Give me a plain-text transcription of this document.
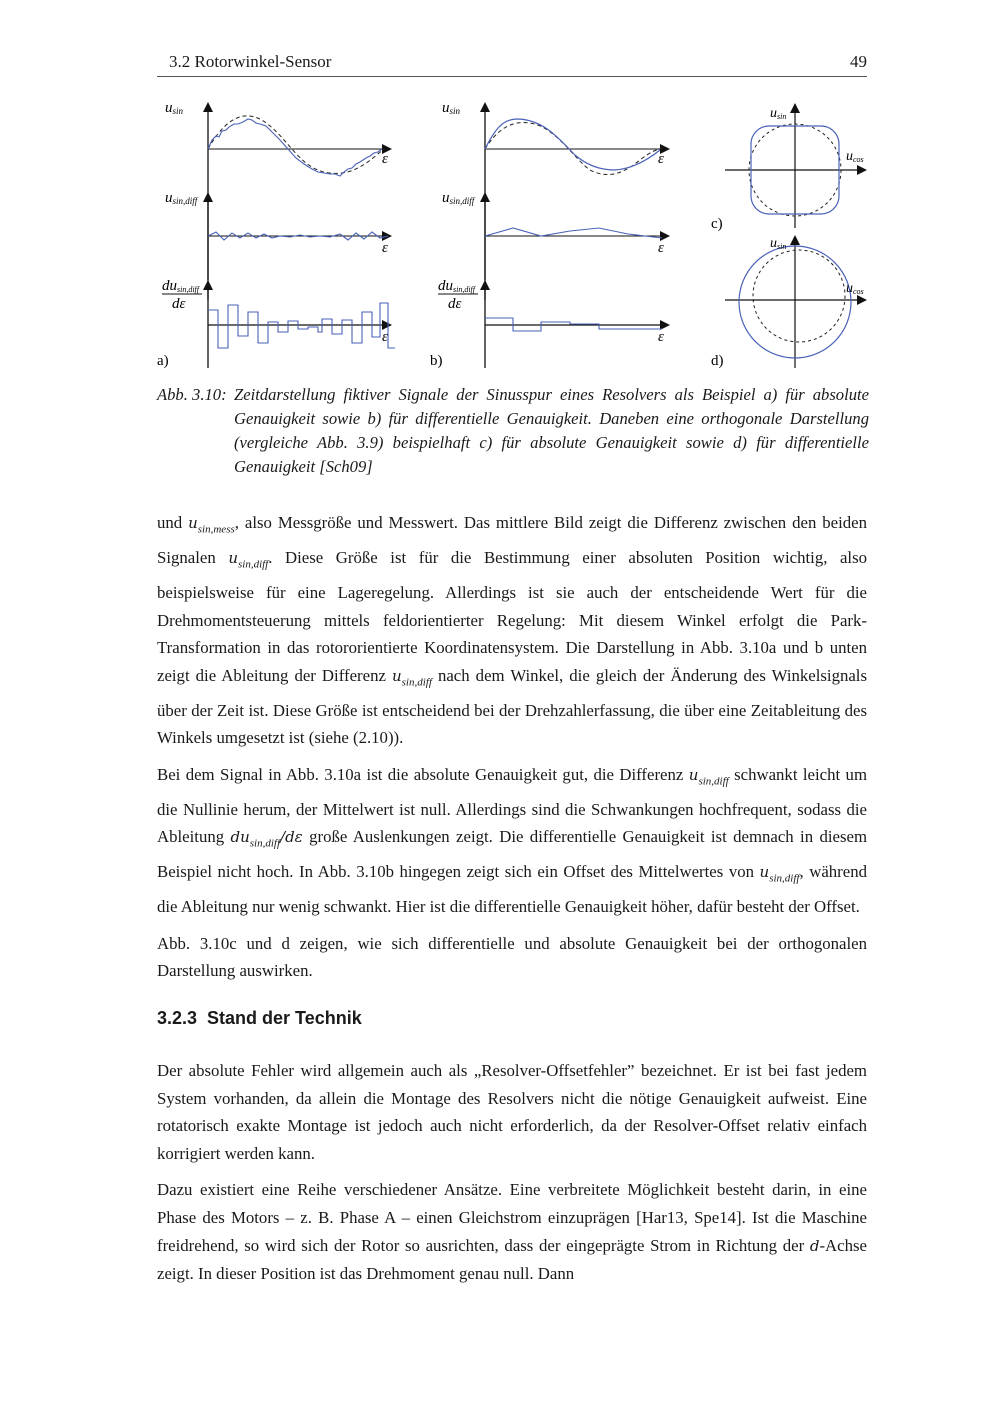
3.2 Rotorwinkel-Sensor	49
usin
usin,diff
dusin,diff
dε
ε
ε
ε
a)
usin
usin,diff
dusin,diff
dε
ε
ε
ε
b)
usin
ucos
c)
usin
ucos
d)
Abb. 3.10: Zeitdarstellung fiktiver Signale der Sinusspur eines Resolvers als Beispiel a) für absolute Genauigkeit sowie b) für differentielle Genauigkeit. Daneben eine orthogonale Darstellung (vergleiche Abb. 3.9) beispielhaft c) für absolute Genauigkeit sowie d) für differentielle Genauigkeit [Sch09]

und $u_{sin,mess}$, also Messgröße und Messwert. Das mittlere Bild zeigt die Differenz zwischen den beiden Signalen $u_{sin,diff}$. Diese Größe ist für die Bestimmung einer absoluten Position wichtig, also beispielsweise für eine Lageregelung. Allerdings ist sie auch der entscheidende Wert für die Drehmomentsteuerung mittels feldorientierter Regelung: Mit diesem Winkel erfolgt die Park-Transformation in das rotororientierte Koordinatensystem. Die Darstellung in Abb. 3.10a und b unten zeigt die Ableitung der Differenz $u_{sin,diff}$ nach dem Winkel, die gleich der Änderung des Winkelsignals über der Zeit ist. Diese Größe ist entscheidend bei der Drehzahlerfassung, die über eine Zeitableitung des Winkels umgesetzt ist (siehe (2.10)).

Bei dem Signal in Abb. 3.10a ist die absolute Genauigkeit gut, die Differenz $u_{sin,diff}$ schwankt leicht um die Nullinie herum, der Mittelwert ist null. Allerdings sind die Schwankungen hochfrequent, sodass die Ableitung $du_{sin,diff}/d\varepsilon$ große Auslenkungen zeigt. Die differentielle Genauigkeit ist demnach in diesem Beispiel nicht hoch. In Abb. 3.10b hingegen zeigt sich ein Offset des Mittelwertes von $u_{sin,diff}$, während die Ableitung nur wenig schwankt. Hier ist die differentielle Genauigkeit höher, dafür besteht der Offset.

Abb. 3.10c und d zeigen, wie sich differentielle und absolute Genauigkeit bei der orthogonalen Darstellung auswirken.

3.2.3 Stand der Technik

Der absolute Fehler wird allgemein auch als „Resolver-Offsetfehler” bezeichnet. Er ist bei fast jedem System vorhanden, da allein die Montage des Resolvers nicht die nötige Genauigkeit aufweist. Eine rotatorisch exakte Montage ist jedoch auch nicht erforderlich, da der Resolver-Offset relativ einfach korrigiert werden kann.

Dazu existiert eine Reihe verschiedener Ansätze. Eine verbreitete Möglichkeit besteht darin, in eine Phase des Motors – z. B. Phase A – einen Gleichstrom einzuprägen [Har13, Spe14]. Ist die Maschine freidrehend, so wird sich der Rotor so ausrichten, dass der eingeprägte Strom in Richtung der d-Achse zeigt. In dieser Position ist das Drehmoment genau null. Dann
